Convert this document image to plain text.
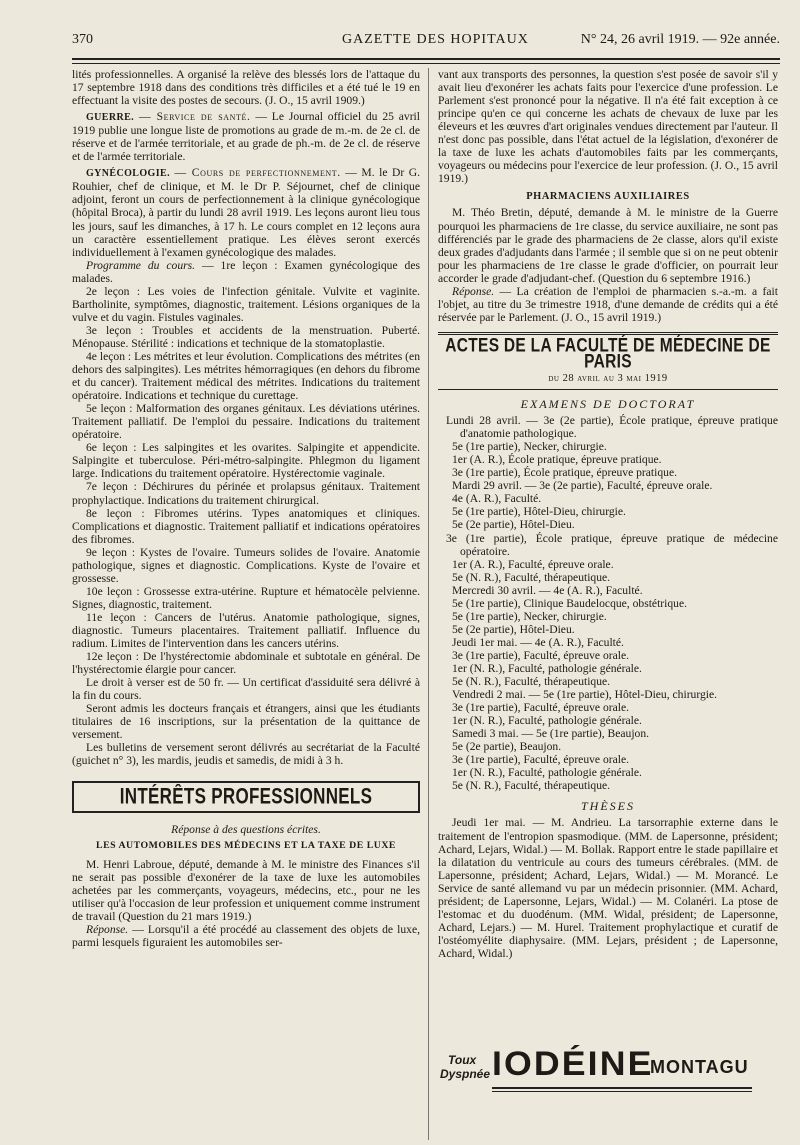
370	GAZETTE DES HOPITAUX	N° 24, 26 avril 1919. — 92e année.

lités professionnelles. A organisé la relève des blessés lors de l'attaque du 17 septembre 1918 dans des conditions très difficiles et a été tué le 19 en effectuant la visite des postes de secours. (J. O., 15 avril 1909.)

GUERRE. — Service de santé. — Le Journal officiel du 25 avril 1919 publie une longue liste de promotions au grade de m.-m. de 2e cl. de réserve et de l'armée territoriale, et au grade de ph.-m. de 2e cl. de réserve et de l'armée territoriale.

GYNÉCOLOGIE. — Cours de perfectionnement. — M. le Dr G. Rouhier, chef de clinique, et M. le Dr P. Séjournet, chef de clinique adjoint, feront un cours de perfectionnement à la clinique gynécologique (hôpital Broca), à partir du lundi 28 avril 1919. Les leçons auront lieu tous les jours, sauf les dimanches, à 17 h. Le cours complet en 12 leçons aura un caractère essentiellement pratique. Les élèves seront exercés individuellement à l'examen gynécologique des malades.

Programme du cours. — 1re leçon : Examen gynécologique des malades.

2e leçon : Les voies de l'infection génitale. Vulvite et vaginite. Bartholinite, symptômes, diagnostic, traitement. Lésions organiques de la vulve et du vagin. Fistules vaginales.

3e leçon : Troubles et accidents de la menstruation. Puberté. Ménopause. Stérilité : indications et technique de la stomatoplastie.

4e leçon : Les métrites et leur évolution. Complications des métrites (en dehors des salpingites). Les métrites hémorragiques (en dehors du fibrome et du cancer). Traitement médical des métrites. Indications du traitement opératoire. Indications et technique du curettage.

5e leçon : Malformation des organes génitaux. Les déviations utérines. Traitement palliatif. De l'emploi du pessaire. Indications du traitement opératoire.

6e leçon : Les salpingites et les ovarites. Salpingite et appendicite. Salpingite et tuberculose. Péri-métro-salpingite. Phlegmon du ligament large. Indications du traitement opératoire. Hystérectomie vaginale.

7e leçon : Déchirures du périnée et prolapsus génitaux. Traitement prophylactique. Indications du traitement chirurgical.

8e leçon : Fibromes utérins. Types anatomiques et cliniques. Complications et diagnostic. Traitement palliatif et indications opératoires des fibromes.

9e leçon : Kystes de l'ovaire. Tumeurs solides de l'ovaire. Anatomie pathologique, signes et diagnostic. Complications. Kyste de l'ovaire et grossesse.

10e leçon : Grossesse extra-utérine. Rupture et hématocèle pelvienne. Signes, diagnostic, traitement.

11e leçon : Cancers de l'utérus. Anatomie pathologique, signes, diagnostic. Tumeurs placentaires. Traitement palliatif. Influence du radium. Limites de l'intervention dans les cancers utérins.

12e leçon : De l'hystérectomie abdominale et subtotale en général. De l'hystérectomie élargie pour cancer.

Le droit à verser est de 50 fr. — Un certificat d'assiduité sera délivré à la fin du cours.

Seront admis les docteurs français et étrangers, ainsi que les étudiants titulaires de 16 inscriptions, sur la présentation de la quittance de versement.

Les bulletins de versement seront délivrés au secrétariat de la Faculté (guichet n° 3), les mardis, jeudis et samedis, de midi à 3 h.

INTÉRÊTS PROFESSIONNELS
Réponse à des questions écrites.
LES AUTOMOBILES DES MÉDECINS ET LA TAXE DE LUXE

M. Henri Labroue, député, demande à M. le ministre des Finances s'il ne serait pas possible d'exonérer de la taxe de luxe les automobiles achetées par les commerçants, voyageurs, médecins, etc., pour ne les utiliser qu'à l'occasion de leur profession et uniquement comme instrument de travail (Question du 21 mars 1919.)

Réponse. — Lorsqu'il a été procédé au classement des objets de luxe, parmi lesquels figuraient les automobiles ser-

vant aux transports des personnes, la question s'est posée de savoir s'il y avait lieu d'exonérer les achats faits pour l'exercice d'une profession. Le Parlement s'est prononcé pour la négative. Il n'a été fait exception à ce principe qu'en ce qui concerne les achats de chevaux de luxe par les éleveurs et les œuvres d'art originales vendues directement par l'auteur. Il n'est donc pas possible, dans l'état actuel de la législation, d'exonérer de la taxe de luxe les achats d'automobiles faits par les commerçants, voyageurs ou médecins pour l'exercice de leur profession. (J. O., 15 avril 1919.)

PHARMACIENS AUXILIAIRES

M. Théo Bretin, député, demande à M. le ministre de la Guerre pourquoi les pharmaciens de 1re classe, du service auxiliaire, ne sont pas différenciés par le grade des pharmaciens de 2e classe, alors qu'il existe deux grades d'adjudants dans l'armée ; il semble que si on ne peut obtenir pour les pharmaciens de 1re classe le grade d'officier, on pourrait leur accorder le grade d'adjudant-chef. (Question du 6 septembre 1916.)

Réponse. — La création de l'emploi de pharmacien s.-a.-m. a fait l'objet, au titre du 3e trimestre 1918, d'une demande de crédits qui a été réservée par le Parlement. (J. O., 15 avril 1919.)

ACTES DE LA FACULTÉ DE MÉDECINE DE PARIS
du 28 avril au 3 mai 1919
EXAMENS DE DOCTORAT

Lundi 28 avril. — 3e (2e partie), École pratique, épreuve pratique d'anatomie pathologique.

5e (1re partie), Necker, chirurgie.

1er (A. R.), École pratique, épreuve pratique.

3e (1re partie), École pratique, épreuve pratique.

Mardi 29 avril. — 3e (2e partie), Faculté, épreuve orale.

4e (A. R.), Faculté.

5e (1re partie), Hôtel-Dieu, chirurgie.

5e (2e partie), Hôtel-Dieu.

3e (1re partie), École pratique, épreuve pratique de médecine opératoire.

1er (A. R.), Faculté, épreuve orale.

5e (N. R.), Faculté, thérapeutique.

Mercredi 30 avril. — 4e (A. R.), Faculté.

5e (1re partie), Clinique Baudelocque, obstétrique.

5e (1re partie), Necker, chirurgie.

5e (2e partie), Hôtel-Dieu.

Jeudi 1er mai. — 4e (A. R.), Faculté.

3e (1re partie), Faculté, épreuve orale.

1er (N. R.), Faculté, pathologie générale.

5e (N. R.), Faculté, thérapeutique.

Vendredi 2 mai. — 5e (1re partie), Hôtel-Dieu, chirurgie.

3e (1re partie), Faculté, épreuve orale.

1er (N. R.), Faculté, pathologie générale.

Samedi 3 mai. — 5e (1re partie), Beaujon.

5e (2e partie), Beaujon.

3e (1re partie), Faculté, épreuve orale.

1er (N. R.), Faculté, pathologie générale.

5e (N. R.), Faculté, thérapeutique.

THÈSES

Jeudi 1er mai. — M. Andrieu. La tarsorraphie externe dans le traitement de l'entropion spasmodique. (MM. de Lapersonne, président; Achard, Lejars, Widal.) — M. Bollak. Rapport entre le stade papillaire et la dilatation du ventricule au cours des tumeurs cérébrales. (MM. de Lapersonne, président; Achard, Lejars, Widal.) — M. Morancé. Le Service de santé allemand vu par un médecin prisonnier. (MM. Achard, président; de Lapersonne, Lejars, Widal.) — M. Colanéri. La ptose de l'estomac et du duodénum. (MM. Widal, président; de Lapersonne, Achard, Lejars.) — M. Hurel. Traitement prophylactique et curatif de l'ostéomyélite diaphysaire. (MM. Lejars, président ; de Lapersonne, Achard, Widal.)

Toux
Dyspnée IODÉINE
MONTAGU
